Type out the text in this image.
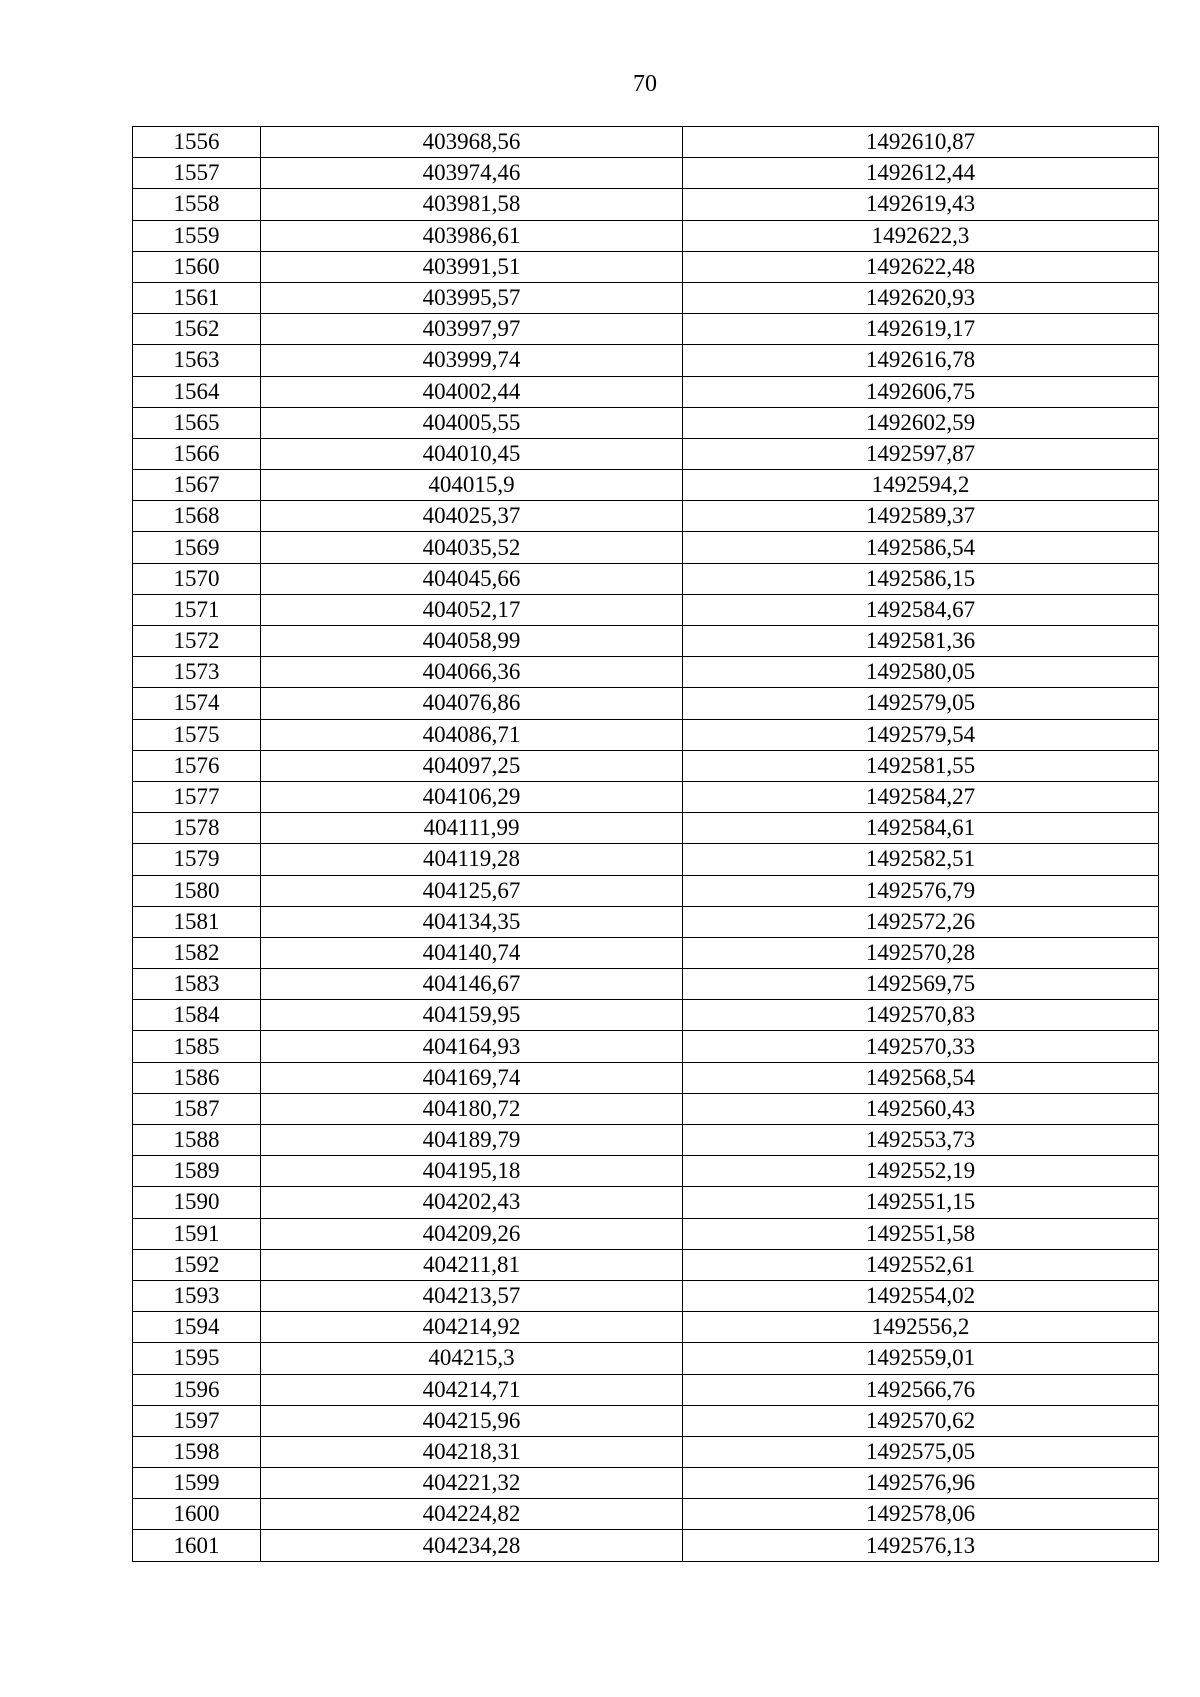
70
1556	403968,56	1492610,87
1557	403974,46	1492612,44
1558	403981,58	1492619,43
1559	403986,61	1492622,3
1560	403991,51	1492622,48
1561	403995,57	1492620,93
1562	403997,97	1492619,17
1563	403999,74	1492616,78
1564	404002,44	1492606,75
1565	404005,55	1492602,59
1566	404010,45	1492597,87
1567	404015,9	1492594,2
1568	404025,37	1492589,37
1569	404035,52	1492586,54
1570	404045,66	1492586,15
1571	404052,17	1492584,67
1572	404058,99	1492581,36
1573	404066,36	1492580,05
1574	404076,86	1492579,05
1575	404086,71	1492579,54
1576	404097,25	1492581,55
1577	404106,29	1492584,27
1578	404111,99	1492584,61
1579	404119,28	1492582,51
1580	404125,67	1492576,79
1581	404134,35	1492572,26
1582	404140,74	1492570,28
1583	404146,67	1492569,75
1584	404159,95	1492570,83
1585	404164,93	1492570,33
1586	404169,74	1492568,54
1587	404180,72	1492560,43
1588	404189,79	1492553,73
1589	404195,18	1492552,19
1590	404202,43	1492551,15
1591	404209,26	1492551,58
1592	404211,81	1492552,61
1593	404213,57	1492554,02
1594	404214,92	1492556,2
1595	404215,3	1492559,01
1596	404214,71	1492566,76
1597	404215,96	1492570,62
1598	404218,31	1492575,05
1599	404221,32	1492576,96
1600	404224,82	1492578,06
1601	404234,28	1492576,13
